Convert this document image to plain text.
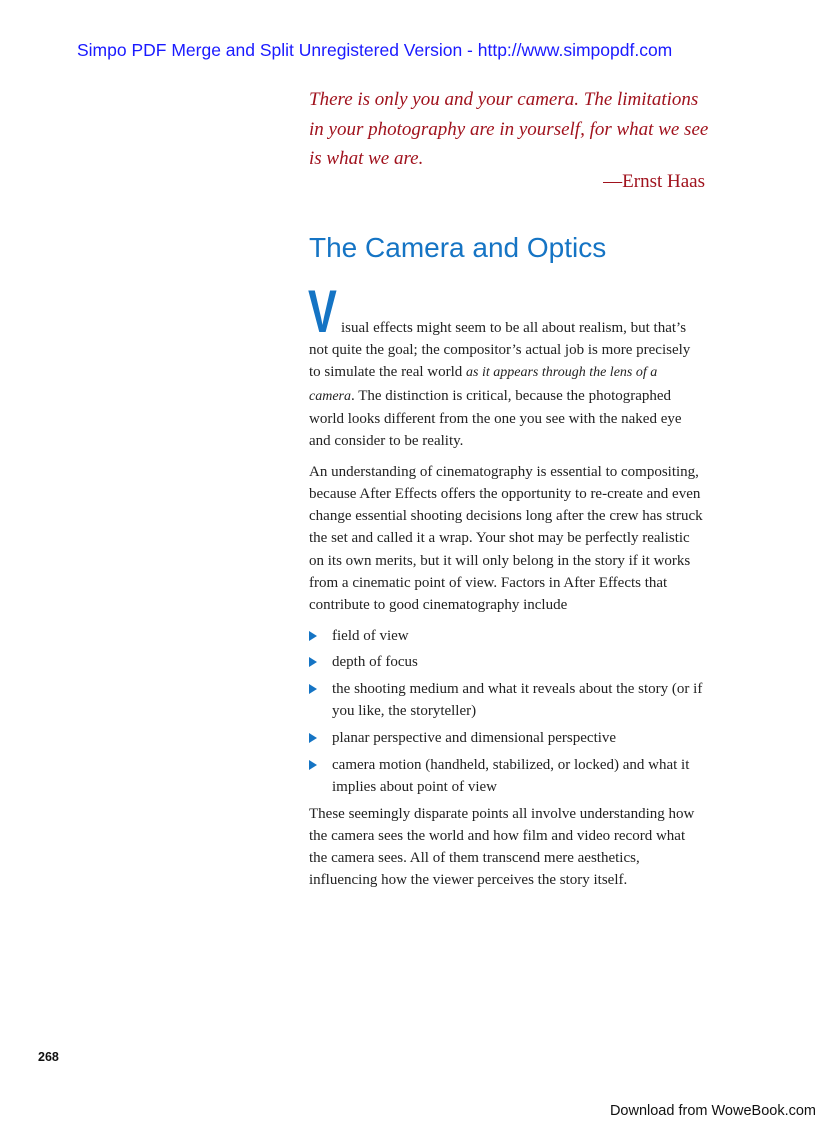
Simpo PDF Merge and Split Unregistered Version - http://www.simpopdf.com

There is only you and your camera. The limitations in your photography are in yourself, for what we see is what we are.

—Ernst Haas
The Camera and Optics

Visual effects might seem to be all about realism, but that’s not quite the goal; the compositor’s actual job is more precisely to simulate the real world as it appears through the lens of a camera. The distinction is critical, because the photographed world looks different from the one you see with the naked eye and consider to be reality.

An understanding of cinematography is essential to compositing, because After Effects offers the opportunity to re-create and even change essential shooting decisions long after the crew has struck the set and called it a wrap. Your shot may be perfectly realistic on its own merits, but it will only belong in the story if it works from a cinematic point of view. Factors in After Effects that contribute to good cinematography include

field of view
depth of focus
the shooting medium and what it reveals about the story (or if you like, the storyteller)
planar perspective and dimensional perspective
camera motion (handheld, stabilized, or locked) and what it implies about point of view

These seemingly disparate points all involve understanding how the camera sees the world and how film and video record what the camera sees. All of them transcend mere aesthetics, influencing how the viewer perceives the story itself.

268
Download from WoweBook.com
